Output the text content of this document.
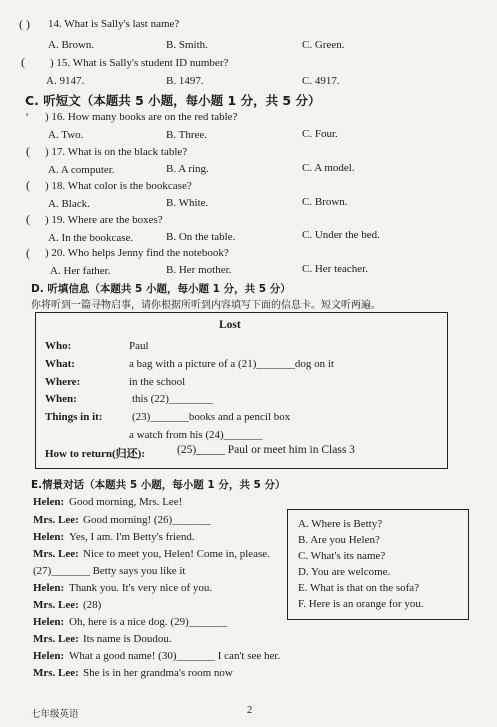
( ) 14. What is Sally's last name?
A. Brown.	B. Smith.	C. Green.
( ) 15. What is Sally's student ID number?
A. 9147.	B. 1497.	C. 4917.
C. 听短文（本题共 5 小题，每小题 1 分，共 5 分）
' ) 16. How many books are on the red table?
A. Two.	B. Three.	C. Four.
( ) 17. What is on the black table?
A. A computer.	B. A ring.	C. A model.
( ) 18. What color is the bookcase?
A. Black.	B. White.	C. Brown.
( ) 19. Where are the boxes?
A. In the bookcase.	B. On the table.	C. Under the bed.
( ) 20. Who helps Jenny find the notebook?
A. Her father.	B. Her mother.	C. Her teacher.
D. 听填信息（本题共 5 小题，每小题 1 分，共 5 分）
你将听到一篇寻物启事，请你根据所听到内容填写下面的信息卡。短文听两遍。
Lost
Who:	Paul
What:	a bag with a picture of a (21)_______dog on it
Where:	in the school
When:	this (22)________
Things in it:	(23)_______books and a pencil box
a watch from his (24)_______
How to return(归还):	(25)_____ Paul or meet him in Class 3
E.情景对话（本题共 5 小题，每小题 1 分，共 5 分）
Helen: Good morning, Mrs. Lee!
Mrs. Lee: Good morning! (26)_______
Helen: Yes, I am. I'm Betty's friend.
Mrs. Lee: Nice to meet you, Helen! Come in, please.
(27)_______ Betty says you like it
Helen: Thank you. It's very nice of you.
Mrs. Lee: (28)
Helen: Oh, here is a nice dog. (29)_______
Mrs. Lee: Its name is Doudou.
Helen: What a good name! (30)_______ I can't see her.
Mrs. Lee: She is in her grandma's room now
A. Where is Betty?
B. Are you Helen?
C. What's its name?
D. You are welcome.
E. What is that on the sofa?
F. Here is an orange for you.
七年级英语	2
